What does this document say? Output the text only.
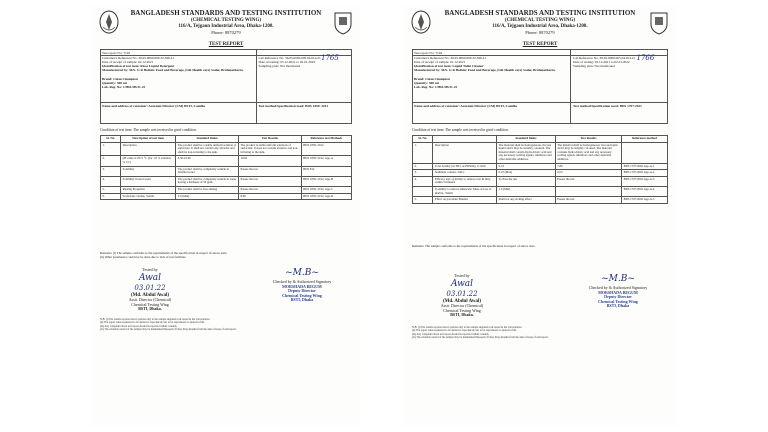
BANGLADESH STANDARDS AND TESTING INSTITUTION
(CHEMICAL TESTING WING)
116/A, Tejgaon Industrial Area, Dhaka-1208.
Phone: 8870279
TEST REPORT
Test report No: 7193
Customer's Reference No. 36.05.0000.000.32.396.21
Date of receipt of sample: 02.12.2021
Identification of test item: Floor Liquid Detergent
Manufactured by: M/S. G R Holistic Food and Beverage, (GR Health care) Sadar, Brahmanbaria.
Brand: Clean Champion
Quantity: 500 ml
Lab. Reg. No: CH61/2B/21-22
Lab Reference No. 36.05.0000.005.04.014.21 1765
Date of testing: 05.12.2021 to 02.01.2022
Sampling plan: Not mentioned
Name and address of customer: Assistant Director (CM) BSTI, Comilla	Test method/Specification used: BDS 1859: 2012
Condition of test item: The sample was received in good condition.
Sl. No.	Description of test item	Standard limits	Test Results	Reference test Methods
1.	Description	The product shall be a stable uniform solution of surfactant. It shall not contain any abrasive and shall be non-irritating to the skin.	The product is stable uniform solutions of surfactant. It does not contain abrasive and non-irritating to the skin.	BDS 1859: 2012
2.	pH value at 25±1 °C (for 1.0 % solution, % v/v)	6.50-10.00	10.62	BDS 1859: 2012, App-A
3.	Solubility	The product shall be completely soluble in distilled water	Passes the test	BDS 812
4.	Solubility in hard water	The product shall be completely soluble in water having a hardness of 50 ppm.	Passes the test	BDS 1859: 2012, App-B
5.	Rinsing Properties	The product shall be free-rinsing	Passes the test	BDS 1859: 2012, App-C
6.	Surfactant content, %m/m	5.0 (Min)	8.98	BDS 1859: 2012, App-D
Remarks: (i) The sample conforms to the requirements of the specification in respect of above tests.
(ii) Other parameters could not be done due to lack of test facilities.
Tested by
Awal
03.01.22
(Md. Abdul Awal)
Asstt. Director (Chemical)
Chemical Testing Wing
BSTI, Dhaka.
~M.B~
Checked by & Authorized Signatory
MORSHADA BEGUM
Deputy Director
Chemical Testing Wing
BSTI, Dhaka
N.B: (i) The results reported above pertain only to the sample supplied to & tested in the Laboratories.
(ii) The report when requested to be quoted or reproduced, has to be reproduced or quoted in full.
(iii) Any complaint about test report should be reported within a month.
(iv) The retention period of the sample may be maintained/disposed off after three months from the date of issue of said report.
BANGLADESH STANDARDS AND TESTING INSTITUTION
(CHEMICAL TESTING WING)
116/A, Tejgaon Industrial Area, Dhaka-1208.
Phone: 8870279
TEST REPORT
Test report No: 7194
Customer's Reference No. 36.05.0000.000.32.396.21
Date of receipt of sample: 01.12.2021
Identification of test item: Liquid Toilet Cleaner
Manufactured by: M/S. G R Holistic Food and Beverage, (GR Health care) Sadar, Brahmanbaria.
Brand: Clean Champion
Quantity: 500 ml
Lab. Reg. No: CH61/2B/21-22
Lab Reference No. 36.05.0000.005.04.014.21 1766
Date of testing: 05.12.2021 to 02.01.2022
Sampling plan: Not mentioned
Name and address of customer: Assistant Director (CM) BSTI, Comilla	Test method/Specification used: BDS 1707:2021
Condition of test item: The sample was received in good condition.
Sl. No.		Standard limits	Test Results	Reference method
1.	Description	The material shall be homogeneous viscous liquid and it may be suitably coloured. The material shall contain hydrochloric acid and any necessary wetting agents, inhibitors and other desirable additives.	The material shall be homogeneous viscous liquid and it may be suitably coloured. The material contains hydrochloric acid and any necessary wetting agents, inhibitors and other desirable additives.	
2.	Total Acidity (as HCl, as H2SO4), % m/m	5-12	7.86	BDS 1707:2002 App-A-1
3.	Sediment content, %m/v	0.10 (Max)	0.03	BDS 1707:2002 App-A-2
4.	Efficacy test: a) Ability to remove rust & dirty within 5 minutes	To Pass the test	Passes the test	BDS 1707:2002 App-A-3
	b) Ability to remove limescale: Mass of loss of marble, %m/m	1.0 (Min)		BDS 1707:2002 App-A-4
5.	Effect on porcelain Enamel	Shall not any etching effect	Passes the test	BDS 1707:2002 App-A-5
Remarks: The sample conforms to the requirements of the specification in respect of above tests.
Tested by
Awal
03.01.22
(Md. Abdul Awal)
Asstt. Director (Chemical)
Chemical Testing Wing
BSTI, Dhaka.
~M.B~
Checked by & Authorized Signatory
MORSHADA BEGUM
Deputy Director
Chemical Testing Wing
BSTI, Dhaka
N.B: (i) The results reported above pertain only to the sample supplied to & tested in the Laboratories.
(ii) The report when requested to be quoted or reproduced, has to be reproduced or quoted in full.
(iii) Any complaint about test report should be reported within a month.
(iv) The retention period of the sample may be maintained/disposed off after three months from the date of issue of said report.
